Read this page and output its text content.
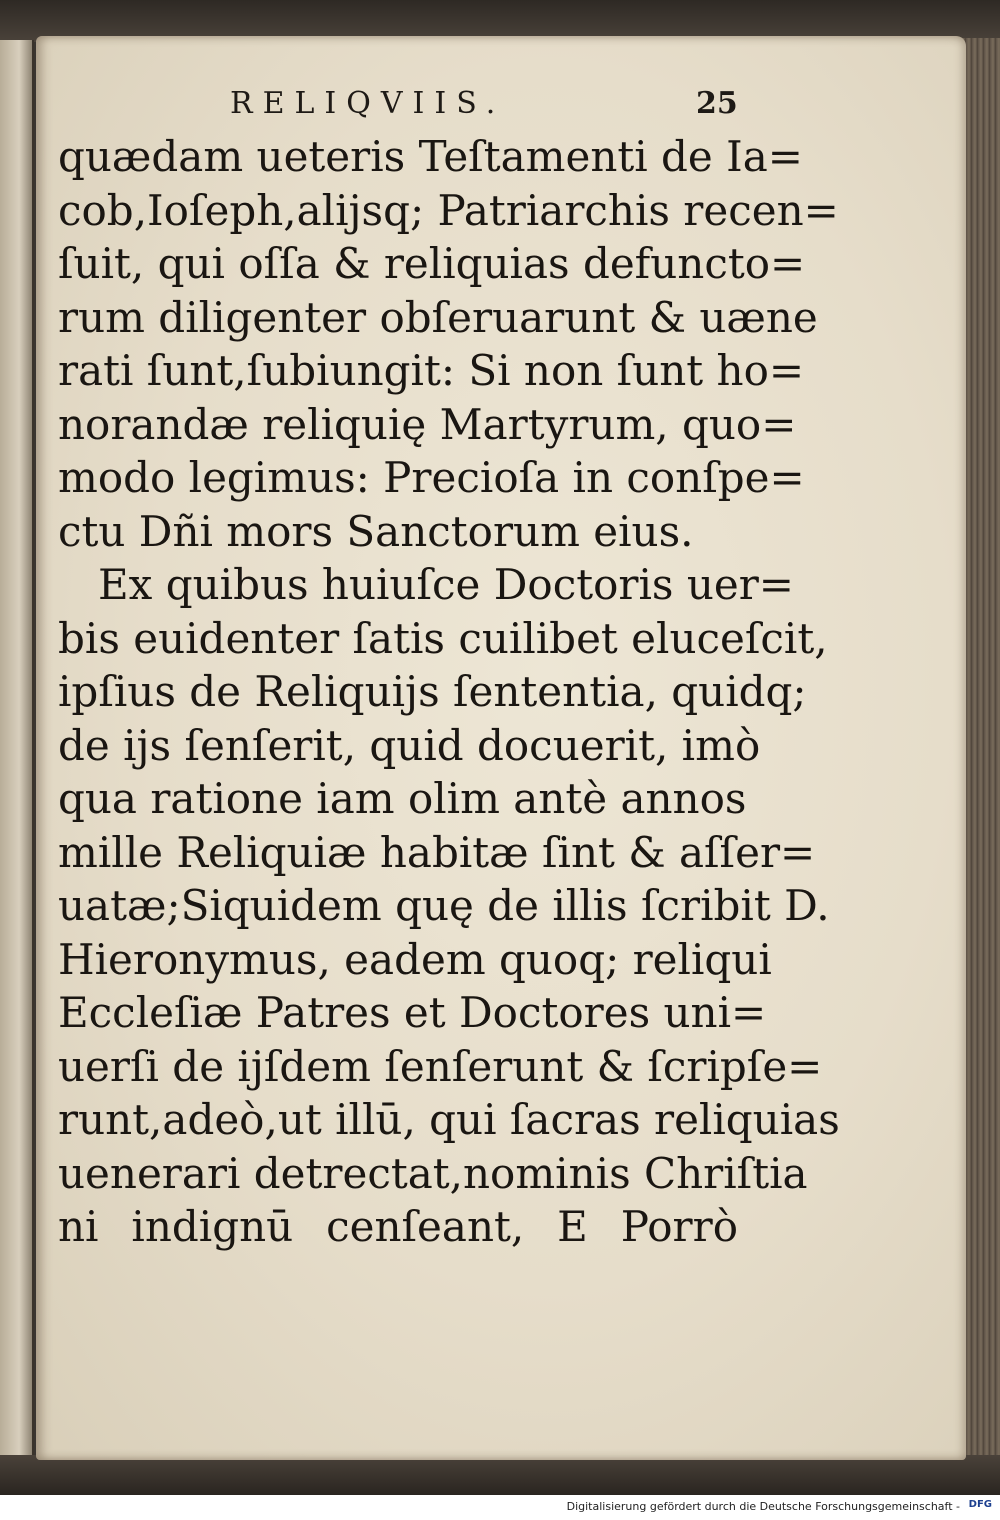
RELIQVIIS.	25
quædam ueteris Teſtamenti de Ia=
cob,Ioſeph,alijsq; Patriarchis recen=
ſuit, qui oſſa & reliquias defuncto=
rum diligenter obſeruarunt & uæne
rati ſunt,ſubiungit: Si non ſunt ho=
norandæ reliquię Martyrum, quo=
modo legimus: Precioſa in conſpe=
ctu Dñi mors Sanctorum eius.
Ex quibus huiuſce Doctoris uer=
bis euidenter ſatis cuilibet eluceſcit,
ipſius de Reliquijs ſententia, quidq;
de ijs ſenſerit, quid docuerit, imò
qua ratione iam olim antè annos
mille Reliquiæ habitæ ſint & aſſer=
uatæ;Siquidem quę de illis ſcribit D.
Hieronymus, eadem quoq; reliqui
Eccleſiæ Patres et Doctores uni=
uerſi de ijſdem ſenſerunt & ſcripſe=
runt,adeò,ut illū, qui ſacras reliquias
uenerari detrectat,nominis Chriſtia
ni indignū cenſeant, E Porrò
Digitalisierung gefördert durch die Deutsche Forschungsgemeinschaft - DFG
